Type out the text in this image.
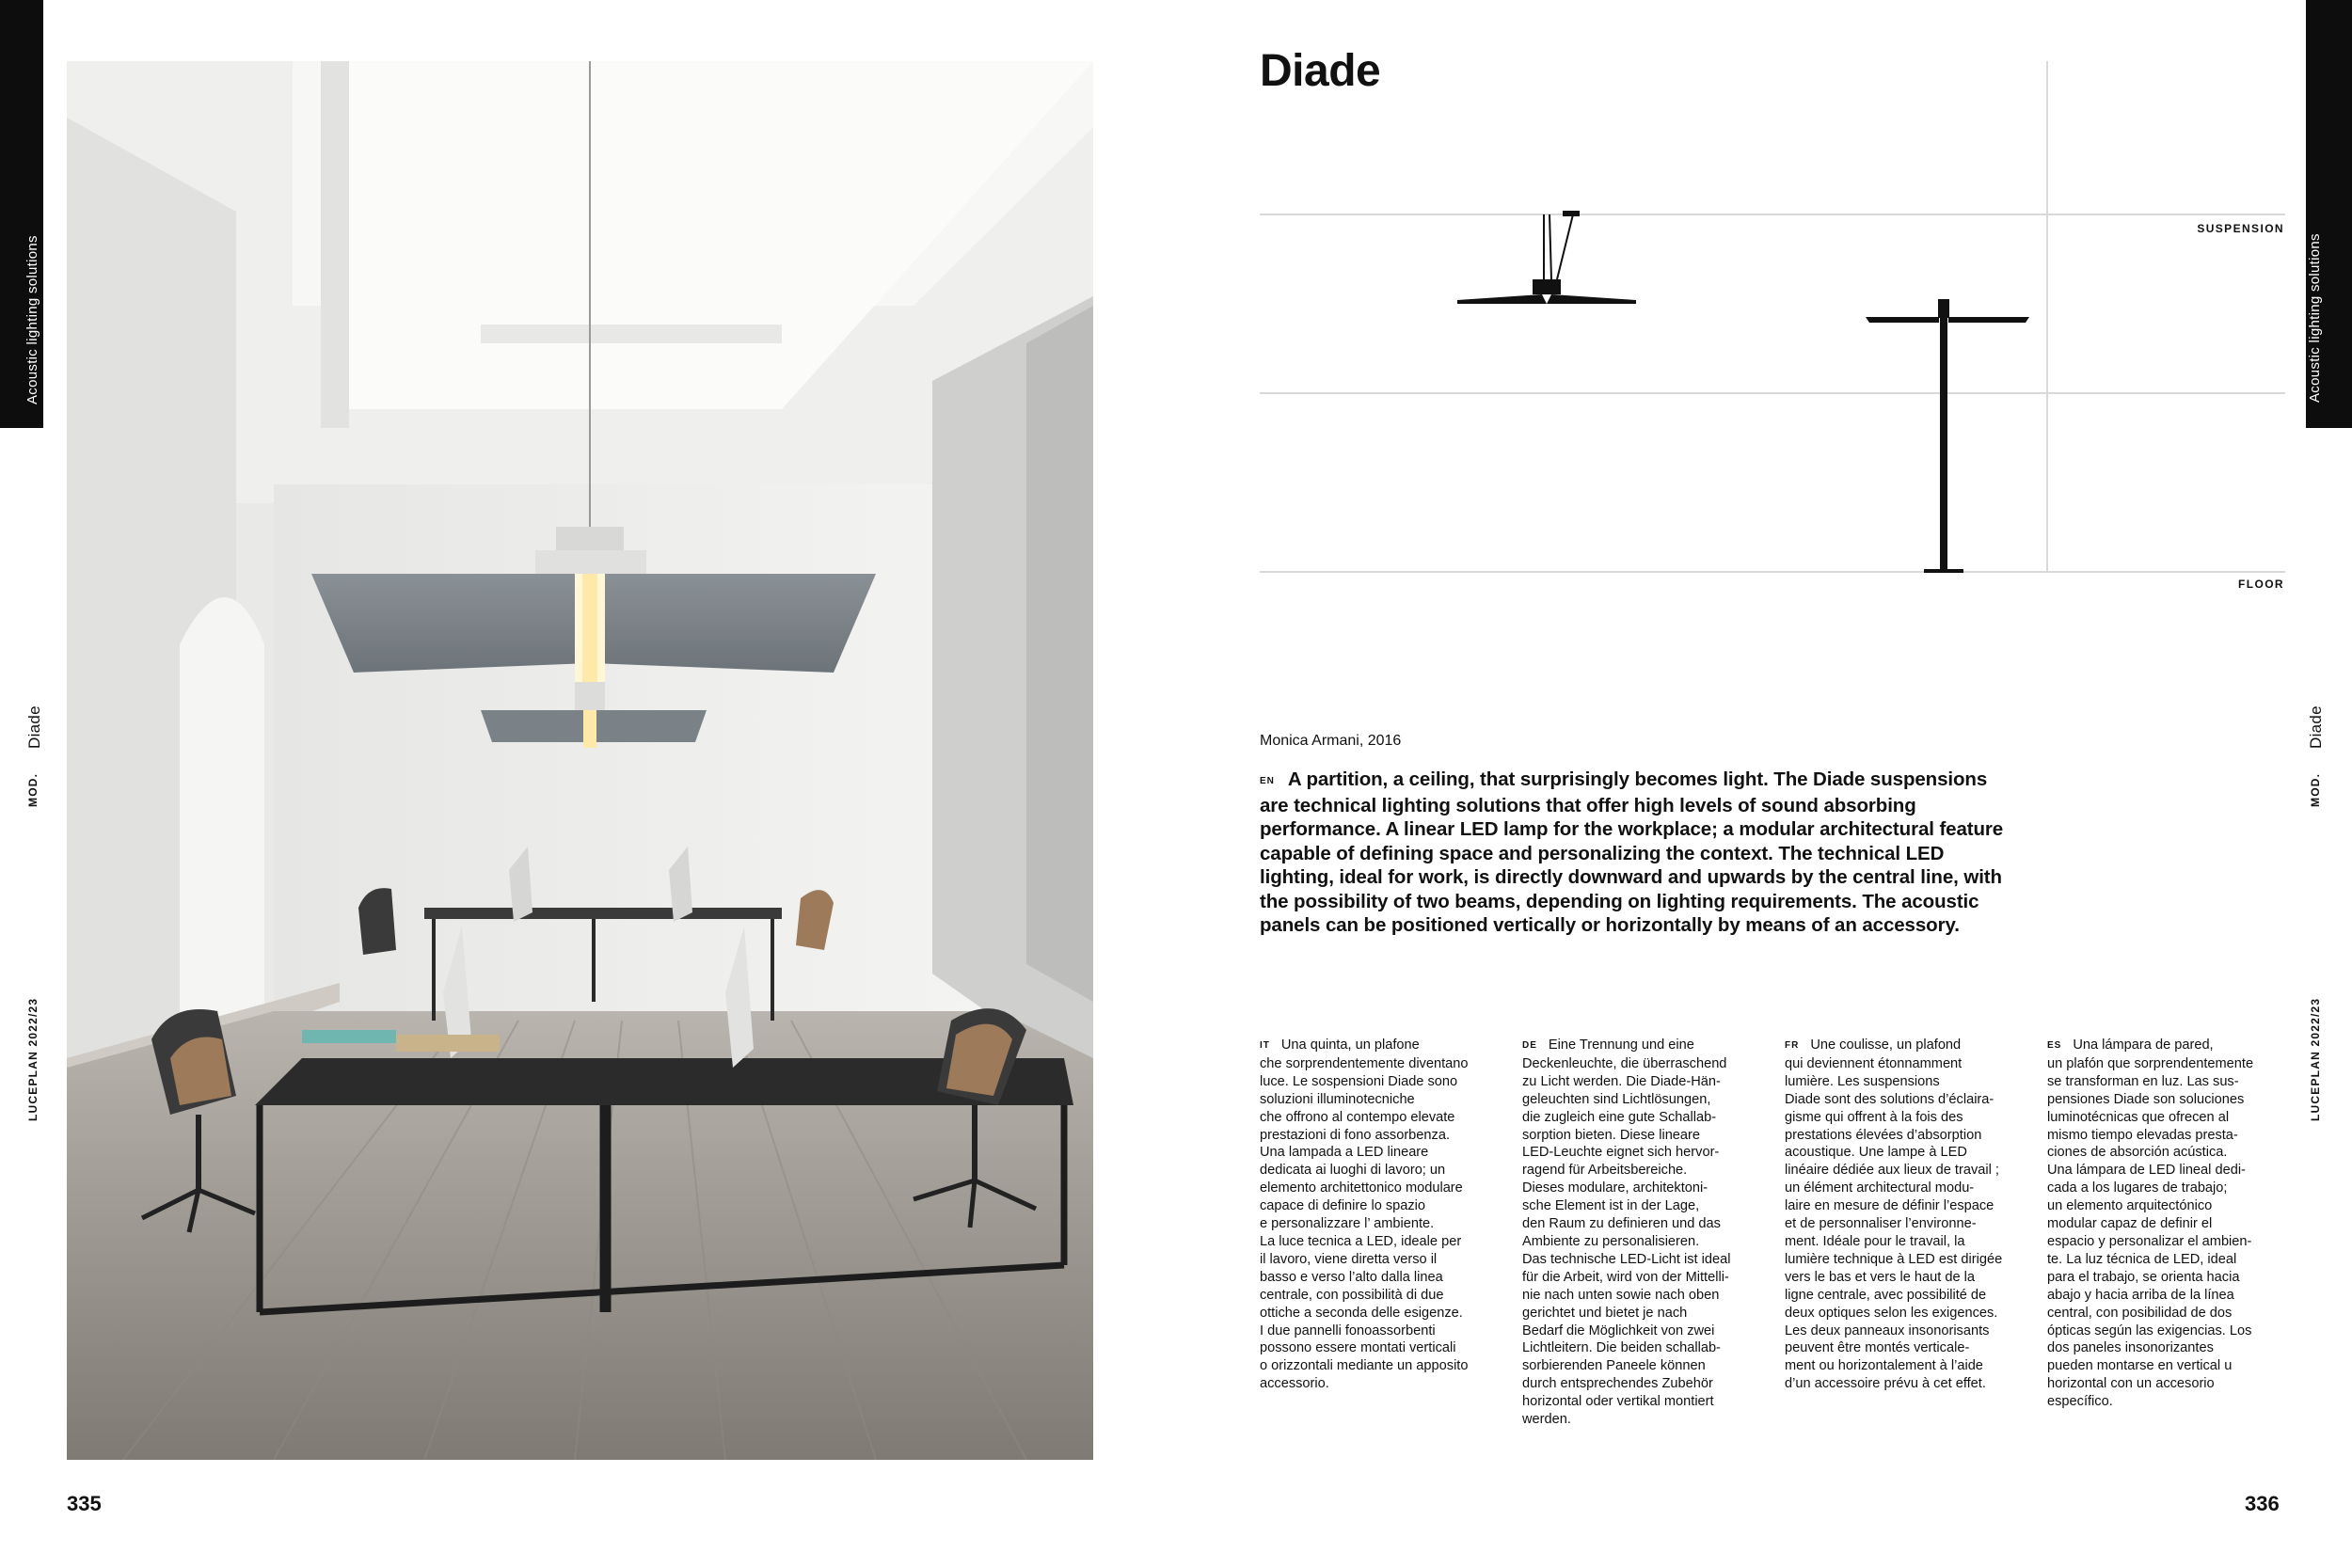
Acoustic lighting solutions
Diade
MOD.
LUCEPLAN 2022/23
Acoustic lighting solutions
Diade
MOD.
LUCEPLAN 2022/23
335	336
Diade
SUSPENSION
FLOOR
Monica Armani, 2016
EN A partition, a ceiling, that surprisingly becomes light. The Diade suspensions are technical lighting solutions that offer high levels of sound absorbing performance. A linear LED lamp for the workplace; a modular architectural feature capable of defining space and personalizing the context. The technical LED lighting, ideal for work, is directly downward and upwards by the central line, with the possibility of two beams, depending on lighting requirements. The acoustic panels can be positioned vertically or horizontally by means of an accessory.
IT Una quinta, un plafone
che sorprendentemente diventano
luce. Le sospensioni Diade sono
soluzioni illuminotecniche
che offrono al contempo elevate
prestazioni di fono assorbenza.
Una lampada a LED lineare
dedicata ai luoghi di lavoro; un
elemento architettonico modulare
capace di definire lo spazio
e personalizzare l’ ambiente.
La luce tecnica a LED, ideale per
il lavoro, viene diretta verso il
basso e verso l’alto dalla linea
centrale, con possibilità di due
ottiche a seconda delle esigenze.
I due pannelli fonoassorbenti
possono essere montati verticali
o orizzontali mediante un apposito
accessorio.
DE Eine Trennung und eine
Deckenleuchte, die überraschend
zu Licht werden. Die Diade-Hän-
geleuchten sind Lichtlösungen,
die zugleich eine gute Schallab-
sorption bieten. Diese lineare
LED-Leuchte eignet sich hervor-
ragend für Arbeitsbereiche.
Dieses modulare, architektoni-
sche Element ist in der Lage,
den Raum zu definieren und das
Ambiente zu personalisieren.
Das technische LED-Licht ist ideal
für die Arbeit, wird von der Mittelli-
nie nach unten sowie nach oben
gerichtet und bietet je nach
Bedarf die Möglichkeit von zwei
Lichtleitern. Die beiden schallab-
sorbierenden Paneele können
durch entsprechendes Zubehör
horizontal oder vertikal montiert
werden.
FR Une coulisse, un plafond
qui deviennent étonnamment
lumière. Les suspensions
Diade sont des solutions d’éclaira-
gisme qui offrent à la fois des
prestations élevées d’absorption
acoustique. Une lampe à LED
linéaire dédiée aux lieux de travail ;
un élément architectural modu-
laire en mesure de définir l’espace
et de personnaliser l’environne-
ment. Idéale pour le travail, la
lumière technique à LED est dirigée
vers le bas et vers le haut de la
ligne centrale, avec possibilité de
deux optiques selon les exigences.
Les deux panneaux insonorisants
peuvent être montés verticale-
ment ou horizontalement à l’aide
d’un accessoire prévu à cet effet.
ES Una lámpara de pared,
un plafón que sorprendentemente
se transforman en luz. Las sus-
pensiones Diade son soluciones
luminotécnicas que ofrecen al
mismo tiempo elevadas presta-
ciones de absorción acústica.
Una lámpara de LED lineal dedi-
cada a los lugares de trabajo;
un elemento arquitectónico
modular capaz de definir el
espacio y personalizar el ambien-
te. La luz técnica de LED, ideal
para el trabajo, se orienta hacia
abajo y hacia arriba de la línea
central, con posibilidad de dos
ópticas según las exigencias. Los
dos paneles insonorizantes
pueden montarse en vertical u
horizontal con un accesorio
específico.
